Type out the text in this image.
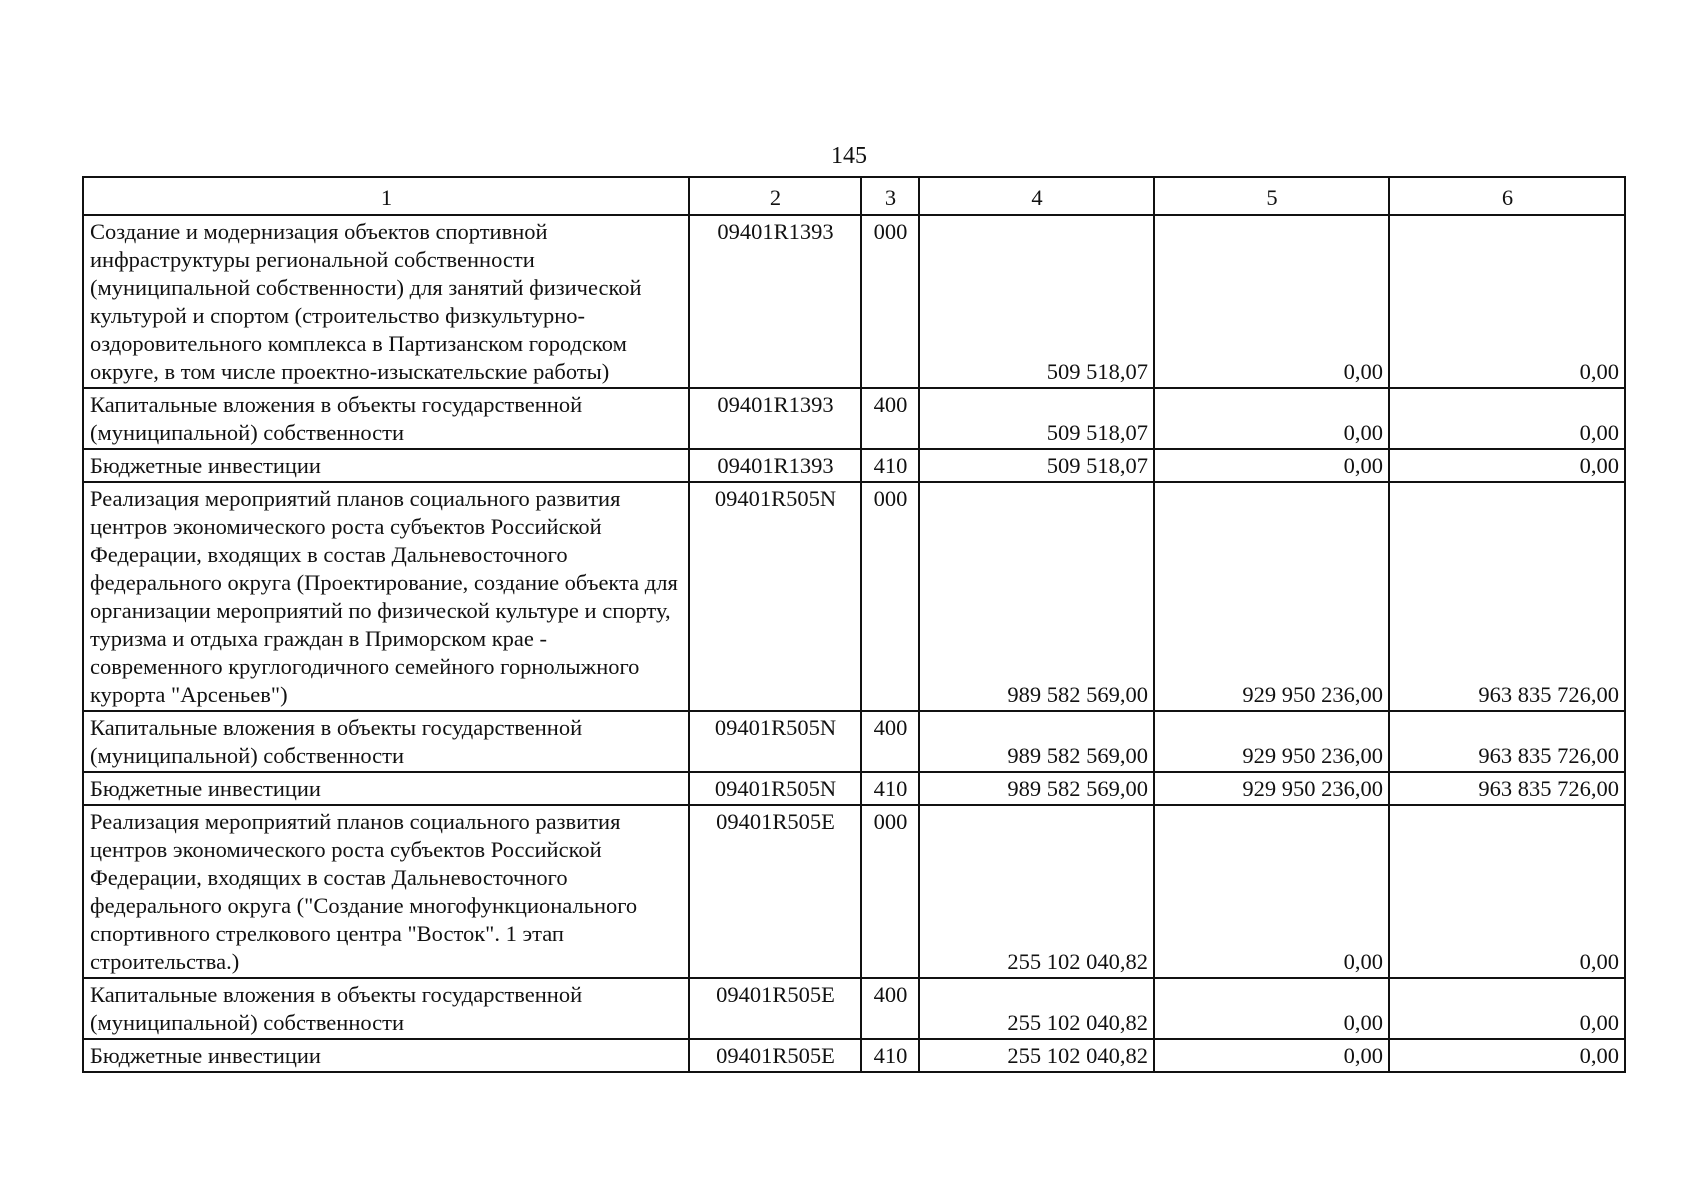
145
1	2	3	4	5	6
Создание и модернизация объектов спортивной инфраструктуры региональной собственности (муниципальной собственности) для занятий физической культурой и спортом (строительство физкультурно-оздоровительного комплекса в Партизанском городском округе, в том числе проектно-изыскательские работы)	09401R1393	000	509 518,07	0,00	0,00
Капитальные вложения в объекты государственной (муниципальной) собственности	09401R1393	400	509 518,07	0,00	0,00
Бюджетные инвестиции	09401R1393	410	509 518,07	0,00	0,00
Реализация мероприятий планов социального развития центров экономического роста субъектов Российской Федерации, входящих в состав Дальневосточного федерального округа (Проектирование, создание объекта для организации мероприятий по физической культуре и спорту, туризма и отдыха граждан в Приморском крае - современного круглогодичного семейного горнолыжного курорта "Арсеньев")	09401R505N	000	989 582 569,00	929 950 236,00	963 835 726,00
Капитальные вложения в объекты государственной (муниципальной) собственности	09401R505N	400	989 582 569,00	929 950 236,00	963 835 726,00
Бюджетные инвестиции	09401R505N	410	989 582 569,00	929 950 236,00	963 835 726,00
Реализация мероприятий планов социального развития центров экономического роста субъектов Российской Федерации, входящих в состав Дальневосточного федерального округа ("Создание многофункционального спортивного стрелкового центра "Восток". 1 этап строительства.)	09401R505E	000	255 102 040,82	0,00	0,00
Капитальные вложения в объекты государственной (муниципальной) собственности	09401R505E	400	255 102 040,82	0,00	0,00
Бюджетные инвестиции	09401R505E	410	255 102 040,82	0,00	0,00
